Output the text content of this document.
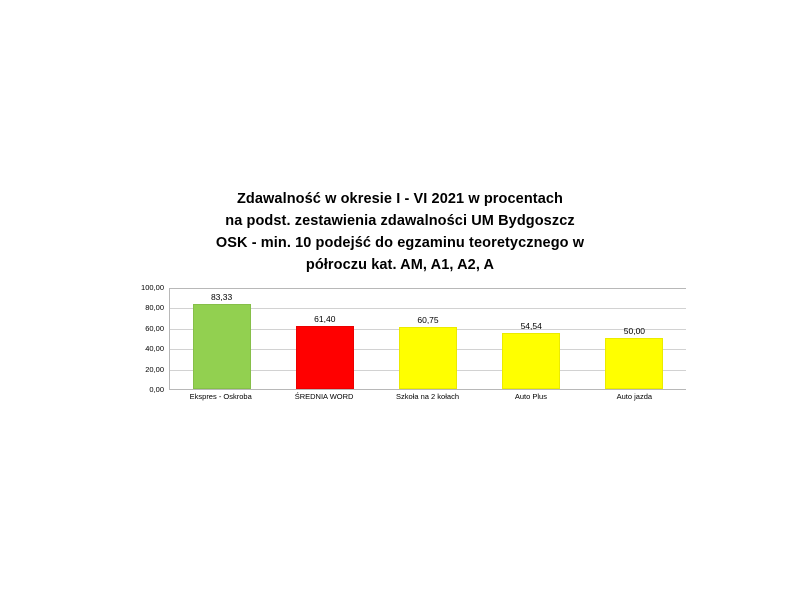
Zdawalność w okresie I - VI 2021 w procentach
na podst. zestawienia zdawalności UM Bydgoszcz
OSK - min. 10 podejść do egzaminu teoretycznego w
półroczu kat. AM, A1, A2, A
0,00
20,00
40,00
60,00
80,00
100,00
83,33
61,40	60,75
54,54	50,00
Ekspres - Oskroba	ŚREDNIA WORD	Szkoła na 2 kołach	Auto Plus	Auto jazda
